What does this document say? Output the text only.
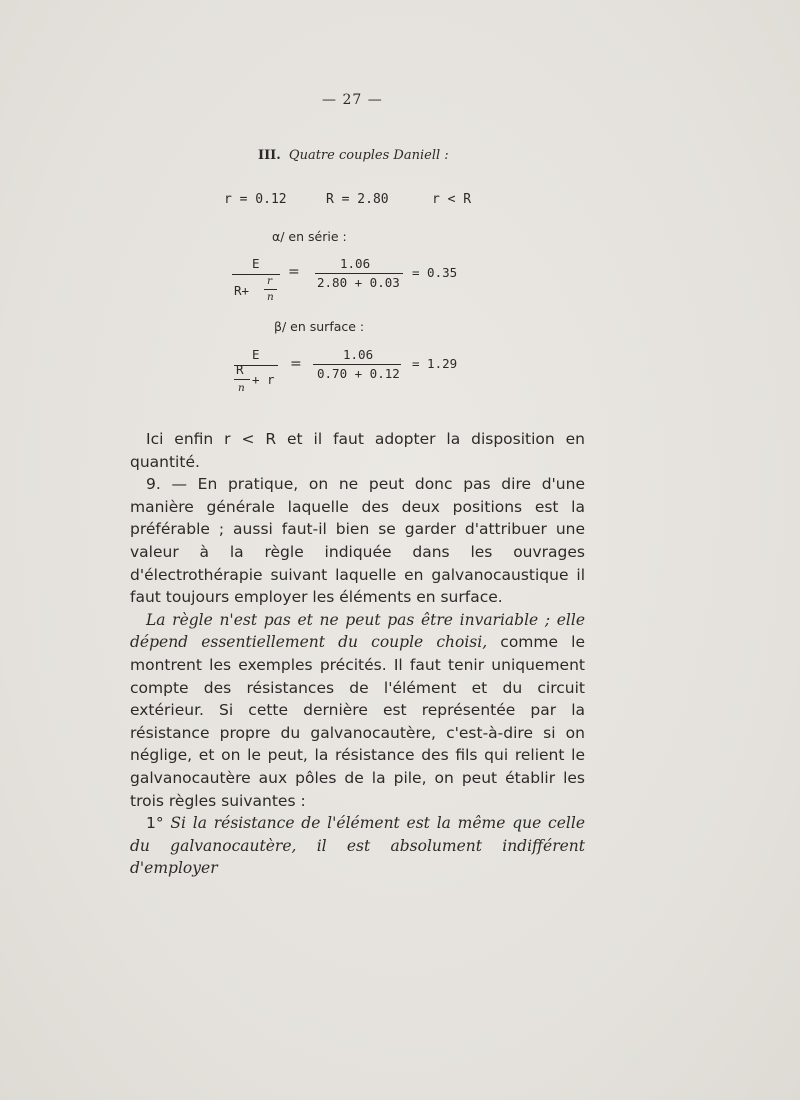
— 27 —
III. Quatre couples Daniell :
r = 0.12	R = 2.80	r < R
α/ en série :
E
R+
r
n
=
1.06
2.80 + 0.03
= 0.35
β/ en surface :
E
R
n
+ r
=
1.06
0.70 + 0.12
= 1.29

Ici enfin r < R et il faut adopter la disposition en quantité.

9. — En pratique, on ne peut donc pas dire d'une manière générale laquelle des deux positions est la préférable ; aussi faut-il bien se garder d'attribuer une valeur à la règle indiquée dans les ouvrages d'électrothérapie suivant laquelle en galvanocaustique il faut toujours employer les éléments en surface.

La règle n'est pas et ne peut pas être invariable ; elle dépend essentiellement du couple choisi, comme le montrent les exemples précités. Il faut tenir uniquement compte des résistances de l'élément et du circuit extérieur. Si cette dernière est représentée par la résistance propre du galvanocautère, c'est-à-dire si on néglige, et on le peut, la résistance des fils qui relient le galvanocautère aux pôles de la pile, on peut établir les trois règles suivantes :

1° Si la résistance de l'élément est la même que celle du galvanocautère, il est absolument indifférent d'employer
